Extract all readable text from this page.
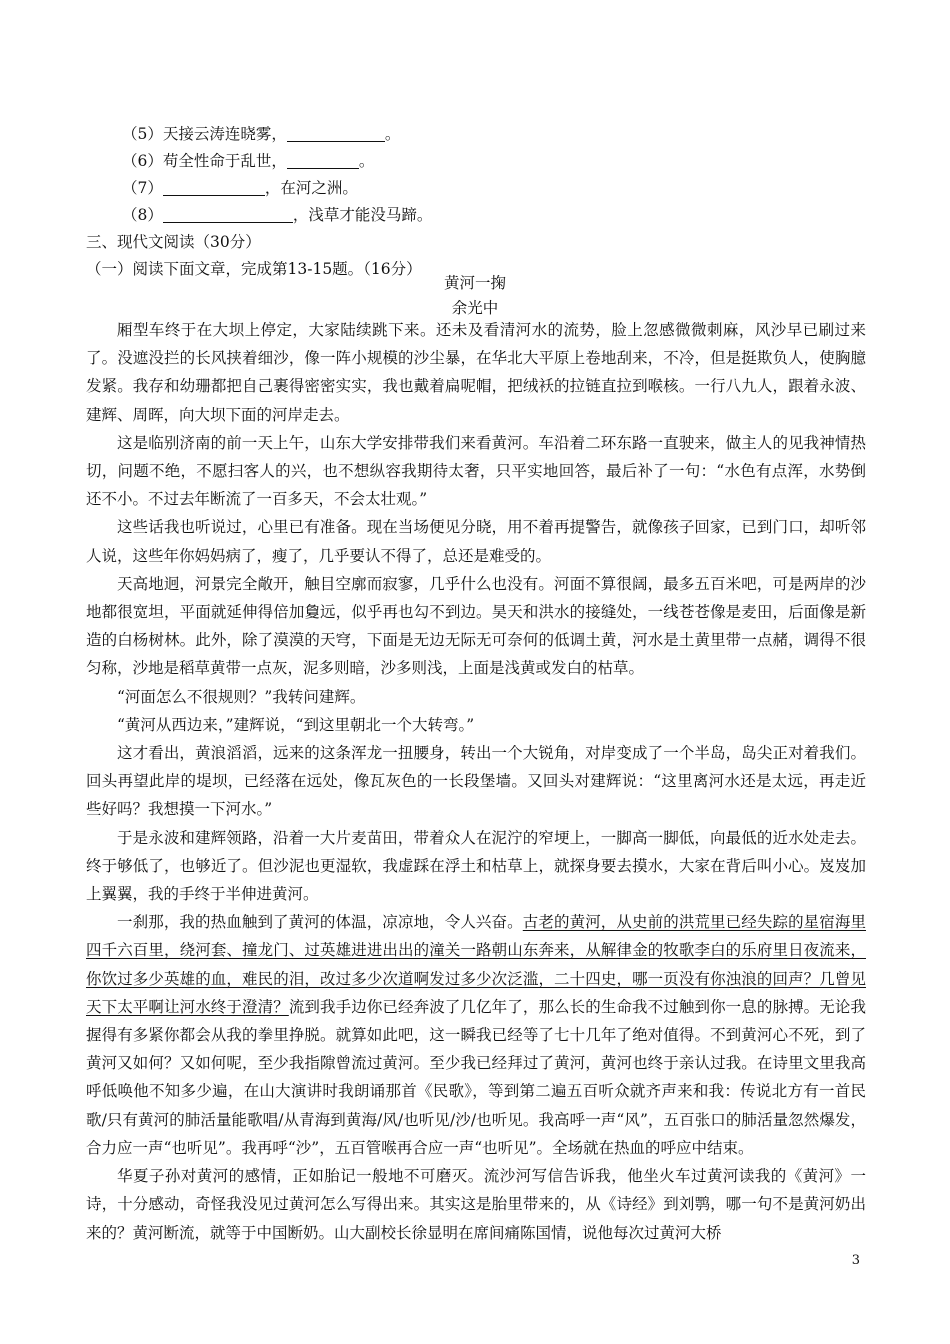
（5）天接云涛连晓雾，	。
（6）苟全性命于乱世，	。
（7）	，在河之洲。
（8）	，浅草才能没马蹄。
三、现代文阅读（30分）
（一）阅读下面文章，完成第13-15题。（16分）
黄河一掬
余光中

厢型车终于在大坝上停定，大家陆续跳下来。还未及看清河水的流势，脸上忽感微微刺麻，风沙早已刷过来了。没遮没拦的长风挟着细沙，像一阵小规模的沙尘暴，在华北大平原上卷地刮来，不冷，但是挺欺负人，使胸臆发紧。我存和幼珊都把自己裹得密密实实，我也戴着扁呢帽，把绒袄的拉链直拉到喉核。一行八九人，跟着永波、建辉、周晖，向大坝下面的河岸走去。

这是临别济南的前一天上午，山东大学安排带我们来看黄河。车沿着二环东路一直驶来，做主人的见我神情热切，问题不绝，不愿扫客人的兴，也不想纵容我期待太奢，只平实地回答，最后补了一句：“水色有点浑，水势倒还不小。不过去年断流了一百多天，不会太壮观。”

这些话我也听说过，心里已有准备。现在当场便见分晓，用不着再提警告，就像孩子回家，已到门口，却听邻人说，这些年你妈妈病了，瘦了，几乎要认不得了，总还是难受的。

天高地迥，河景完全敞开，触目空廓而寂寥，几乎什么也没有。河面不算很阔，最多五百米吧，可是两岸的沙地都很宽坦，平面就延伸得倍加敻远，似乎再也勾不到边。昊天和洪水的接缝处，一线苍苍像是麦田，后面像是新造的白杨树林。此外，除了漠漠的天穹，下面是无边无际无可奈何的低调土黄，河水是土黄里带一点赭，调得不很匀称，沙地是稻草黄带一点灰，泥多则暗，沙多则浅，上面是浅黄或发白的枯草。

“河面怎么不很规则？”我转问建辉。

“黄河从西边来，”建辉说，“到这里朝北一个大转弯。”

这才看出，黄浪滔滔，远来的这条浑龙一扭腰身，转出一个大锐角，对岸变成了一个半岛，岛尖正对着我们。回头再望此岸的堤坝，已经落在远处，像瓦灰色的一长段堡墙。又回头对建辉说：“这里离河水还是太远，再走近些好吗？我想摸一下河水。”

于是永波和建辉领路，沿着一大片麦苗田，带着众人在泥泞的窄埂上，一脚高一脚低，向最低的近水处走去。终于够低了，也够近了。但沙泥也更湿软，我虚踩在浮土和枯草上，就探身要去摸水，大家在背后叫小心。岌岌加上翼翼，我的手终于半伸进黄河。

一刹那，我的热血触到了黄河的体温，凉凉地，令人兴奋。古老的黄河，从史前的洪荒里已经失踪的星宿海里四千六百里，绕河套、撞龙门、过英雄进进出出的潼关一路朝山东奔来，从解律金的牧歌李白的乐府里日夜流来，你饮过多少英雄的血，难民的泪，改过多少次道啊发过多少次泛滥，二十四史，哪一页没有你浊浪的回声？几曾见天下太平啊让河水终于澄清？流到我手边你已经奔波了几亿年了，那么长的生命我不过触到你一息的脉搏。无论我握得有多紧你都会从我的拳里挣脱。就算如此吧，这一瞬我已经等了七十几年了绝对值得。不到黄河心不死，到了黄河又如何？又如何呢，至少我指隙曾流过黄河。至少我已经拜过了黄河，黄河也终于亲认过我。在诗里文里我高呼低唤他不知多少遍，在山大演讲时我朗诵那首《民歌》，等到第二遍五百听众就齐声来和我：传说北方有一首民歌/只有黄河的肺活量能歌唱/从青海到黄海/风/也听见/沙/也听见。我高呼一声“风”，五百张口的肺活量忽然爆发，合力应一声“也听见”。我再呼“沙”，五百管喉再合应一声“也听见”。全场就在热血的呼应中结束。

华夏子孙对黄河的感情，正如胎记一般地不可磨灭。流沙河写信告诉我，他坐火车过黄河读我的《黄河》一诗，十分感动，奇怪我没见过黄河怎么写得出来。其实这是胎里带来的，从《诗经》到刘鹗，哪一句不是黄河奶出来的？黄河断流，就等于中国断奶。山大副校长徐显明在席间痛陈国情，说他每次过黄河大桥

3
